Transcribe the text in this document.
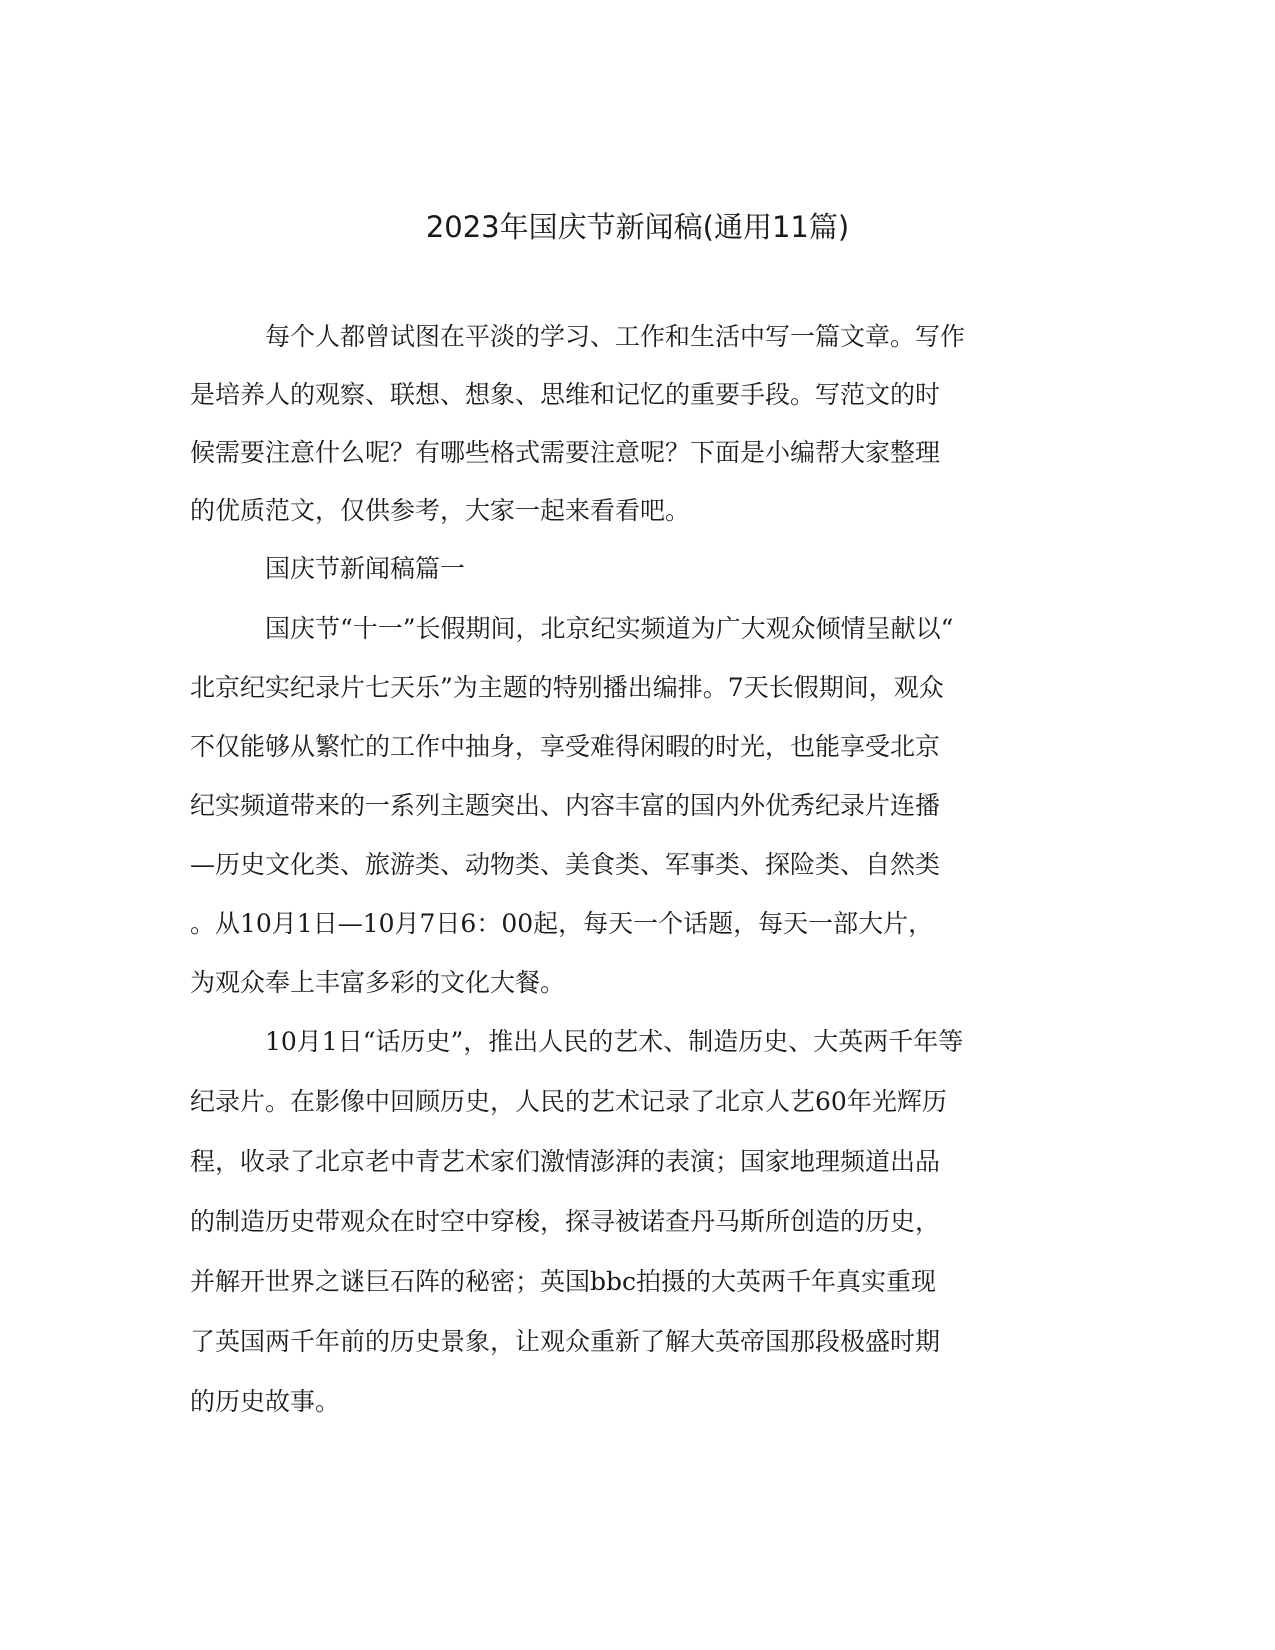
2023年国庆节新闻稿(通用11篇)
每个人都曾试图在平淡的学习、工作和生活中写一篇文章。写作
是培养人的观察、联想、想象、思维和记忆的重要手段。写范文的时
候需要注意什么呢？有哪些格式需要注意呢？下面是小编帮大家整理
的优质范文，仅供参考，大家一起来看看吧。
国庆节新闻稿篇一
国庆节“十一”长假期间，北京纪实频道为广大观众倾情呈献以“
北京纪实纪录片七天乐”为主题的特别播出编排。7天长假期间，观众
不仅能够从繁忙的工作中抽身，享受难得闲暇的时光，也能享受北京
纪实频道带来的一系列主题突出、内容丰富的国内外优秀纪录片连播
—历史文化类、旅游类、动物类、美食类、军事类、探险类、自然类
。从10月1日—10月7日6：00起，每天一个话题，每天一部大片，
为观众奉上丰富多彩的文化大餐。
10月1日“话历史”，推出人民的艺术、制造历史、大英两千年等
纪录片。在影像中回顾历史，人民的艺术记录了北京人艺60年光辉历
程，收录了北京老中青艺术家们激情澎湃的表演；国家地理频道出品
的制造历史带观众在时空中穿梭，探寻被诺查丹马斯所创造的历史，
并解开世界之谜巨石阵的秘密；英国bbc拍摄的大英两千年真实重现
了英国两千年前的历史景象，让观众重新了解大英帝国那段极盛时期
的历史故事。
